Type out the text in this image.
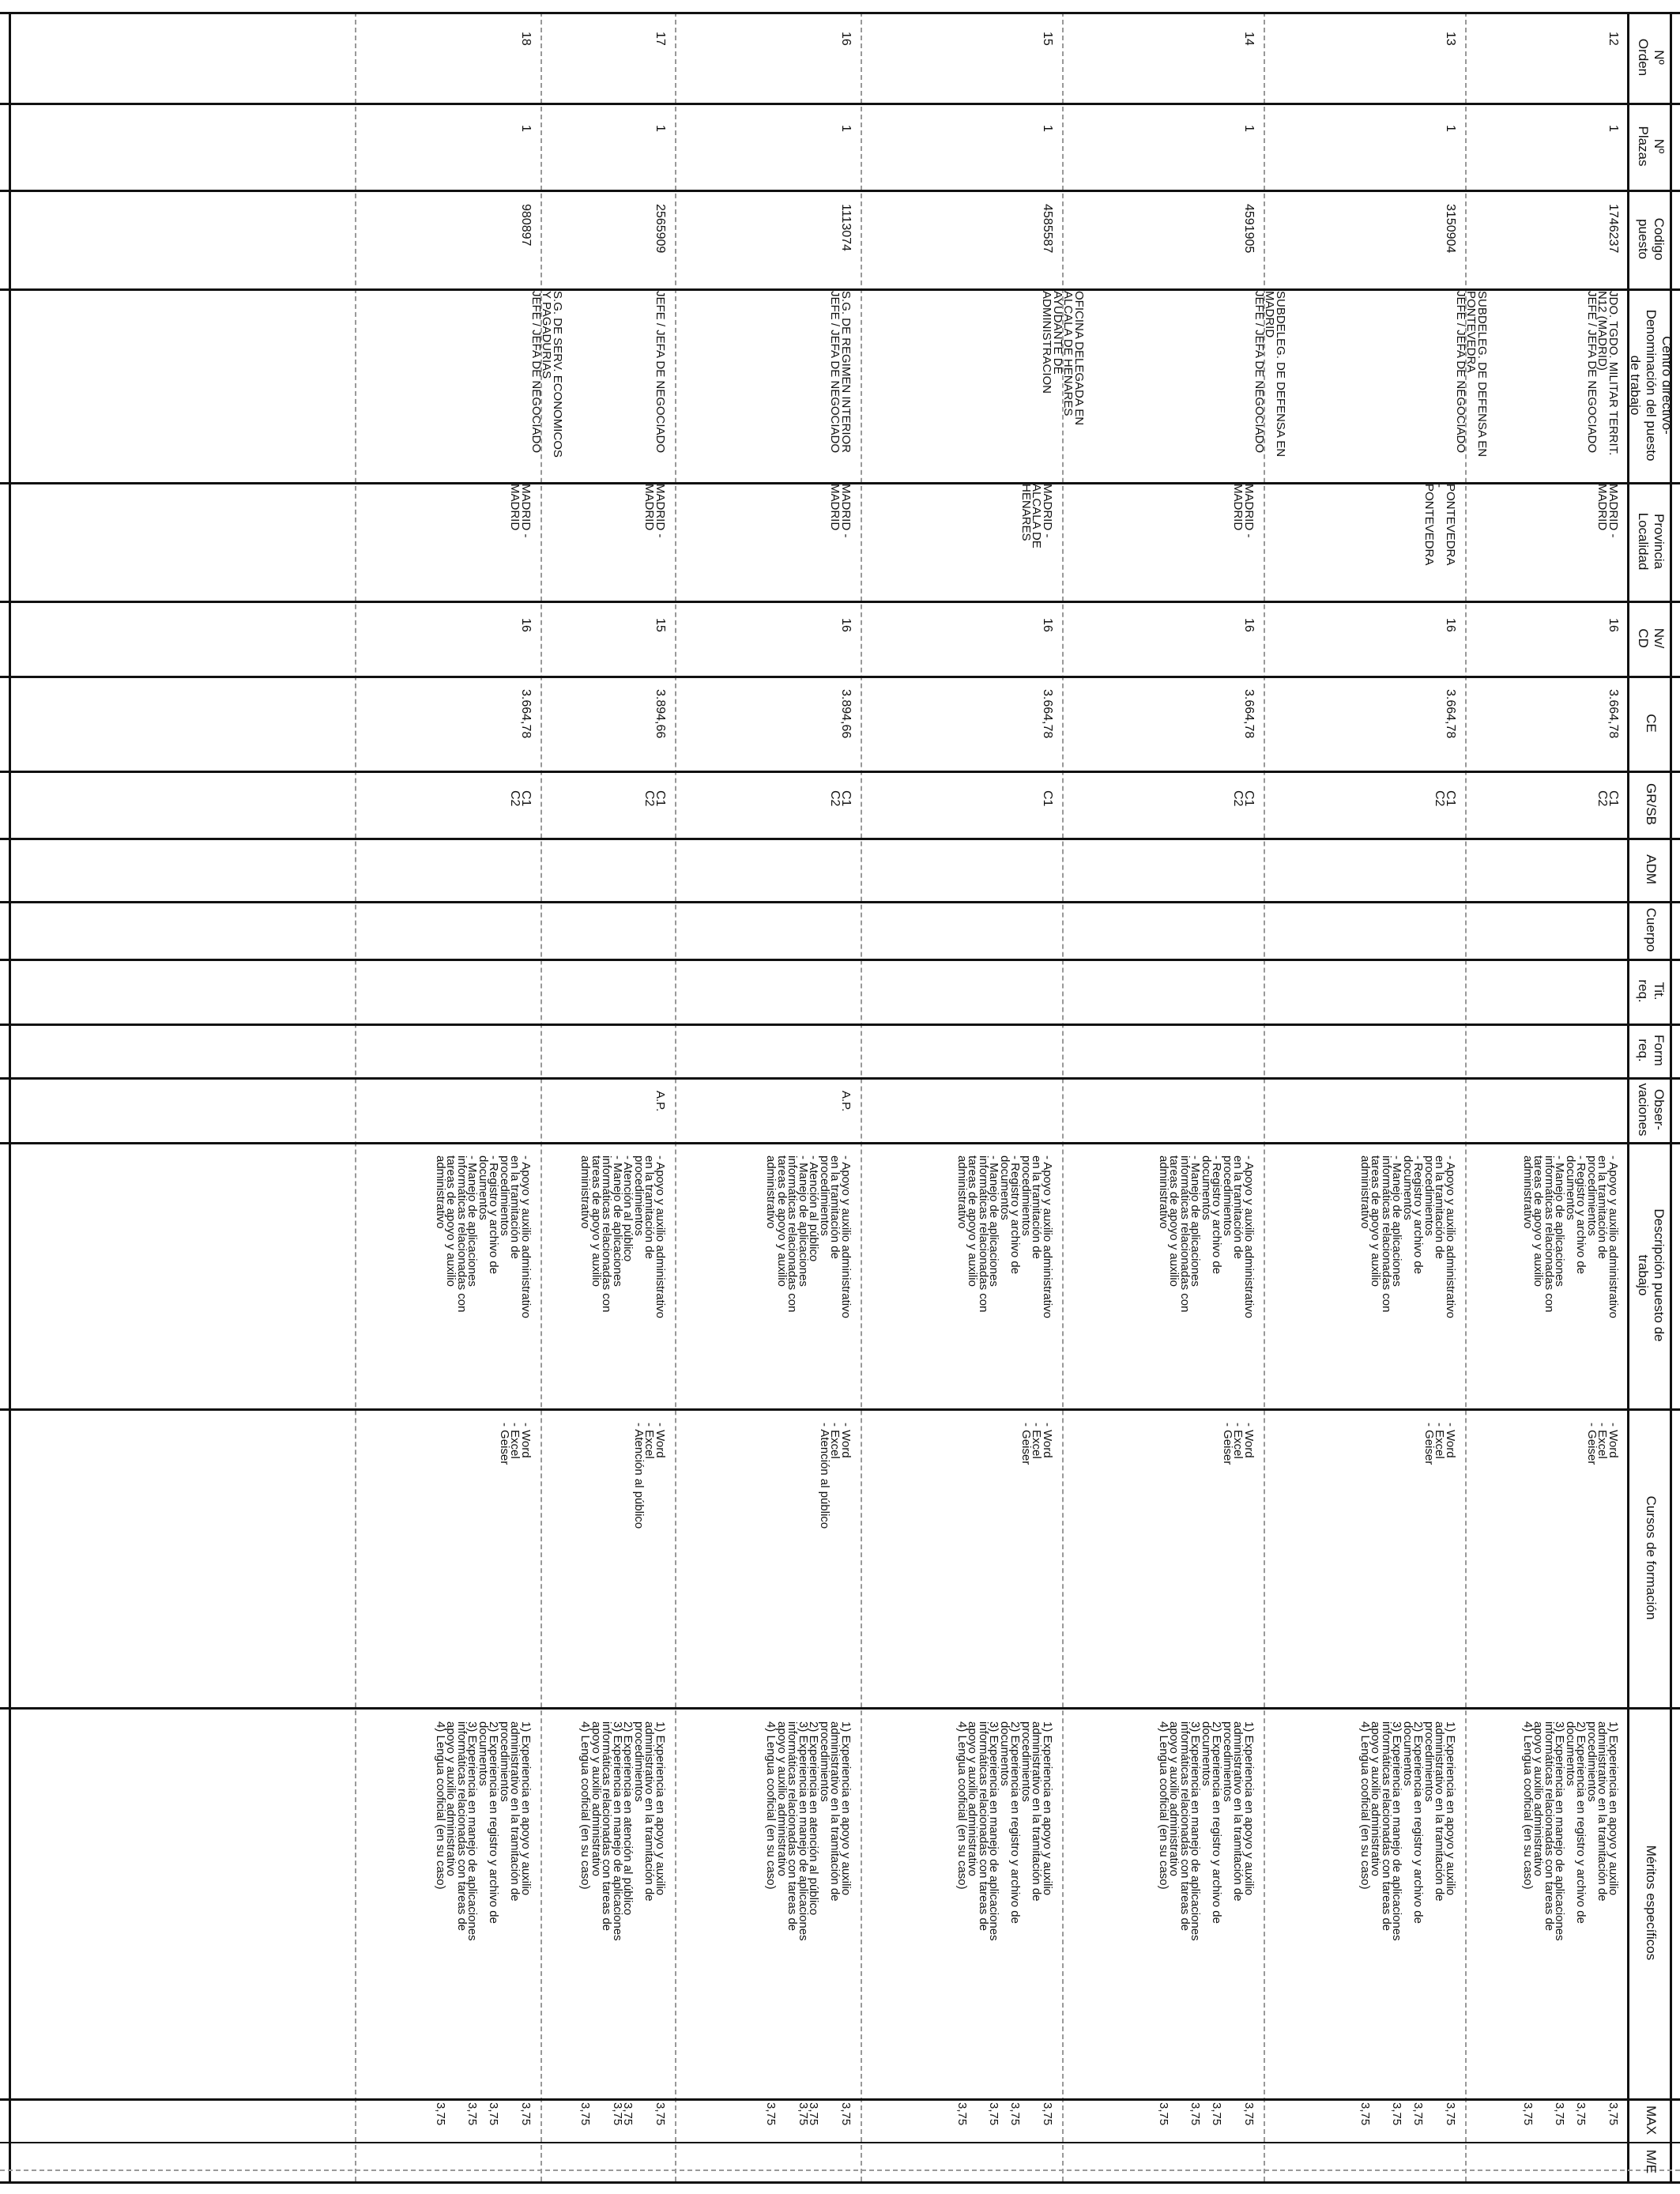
Nº
Orden
Nº
Plazas
Codigo
puesto
Centro directivo-
Denominación del puesto
de trabajo
Provincia
Localidad
Nv/
CD
CE
GR/SB
ADM
Cuerpo
Tit.
req.
Form
req.
Obser-
vaciones
Descripción puesto de
trabajo
Cursos de formación
Méritos específicos
MAX
M/E
12
1
1746237
JDO. TGDO. MILITAR TERRIT.
N12 (MADRID)
JEFE / JEFA DE NEGOCIADO
MADRID -
MADRID
16
3.664,78
C1
C2
- Apoyo y auxilio administrativo
en la tramitación de
procedimientos
- Registro y archivo de
documentos
- Manejo de aplicaciones
informáticas relacionadas con
tareas de apoyo y auxilio
administrativo
- Word
- Excel
- Geiser
1) Experiencia en apoyo y auxilio
administrativo en la tramitación de
procedimientos
2) Experiencia en registro y archivo de
documentos
3) Experiencia en manejo de aplicaciones
informáticas relacionadas con tareas de
apoyo y auxilio administrativo
4) Lengua cooficial (en su caso)
3,75

3,75

3,75

3,75
13
1
3150904
SUBDELEG. DE DEFENSA EN
PONTEVEDRA
JEFE / JEFA DE NEGOCIADO
PONTEVEDRA
-
PONTEVEDRA
16
3.664,78
C1
C2
- Apoyo y auxilio administrativo
en la tramitación de
procedimientos
- Registro y archivo de
documentos
- Manejo de aplicaciones
informáticas relacionadas con
tareas de apoyo y auxilio
administrativo
- Word
- Excel
- Geiser
1) Experiencia en apoyo y auxilio
administrativo en la tramitación de
procedimientos
2) Experiencia en registro y archivo de
documentos
3) Experiencia en manejo de aplicaciones
informáticas relacionadas con tareas de
apoyo y auxilio administrativo
4) Lengua cooficial (en su caso)
3,75

3,75

3,75

3,75
14
1
4591905
SUBDELEG. DE DEFENSA EN
MADRID
JEFE / JEFA DE NEGOCIADO
MADRID -
MADRID
16
3.664,78
C1
C2
- Apoyo y auxilio administrativo
en la tramitación de
procedimientos
- Registro y archivo de
documentos
- Manejo de aplicaciones
informáticas relacionadas con
tareas de apoyo y auxilio
administrativo
- Word
- Excel
- Geiser
1) Experiencia en apoyo y auxilio
administrativo en la tramitación de
procedimientos
2) Experiencia en registro y archivo de
documentos
3) Experiencia en manejo de aplicaciones
informáticas relacionadas con tareas de
apoyo y auxilio administrativo
4) Lengua cooficial (en su caso)
3,75

3,75

3,75

3,75
15
1
4585587
OFICINA DELEGADA EN
ALCALA DE HENARES
AYUDANTE DE
ADMINISTRACION
MADRID -
ALCALA DE
HENARES
16
3.664,78
C1
- Apoyo y auxilio administrativo
en la tramitación de
procedimientos
- Registro y archivo de
documentos
- Manejo de aplicaciones
informáticas relacionadas con
tareas de apoyo y auxilio
administrativo
- Word
- Excel
- Geiser
1) Experiencia en apoyo y auxilio
administrativo en la tramitación de
procedimientos
2) Experiencia en registro y archivo de
documentos
3) Experiencia en manejo de aplicaciones
informáticas relacionadas con tareas de
apoyo y auxilio administrativo
4) Lengua cooficial (en su caso)
3,75

3,75

3,75

3,75
16
1
1113074
S.G. DE REGIMEN INTERIOR
JEFE / JEFA DE NEGOCIADO
MADRID -
MADRID
16
3.894,66
C1
C2
A.P.
- Apoyo y auxilio administrativo
en la tramitación de
procedimientos
- Atención al público
- Manejo de aplicaciones
informáticas relacionadas con
tareas de apoyo y auxilio
administrativo
- Word
- Excel
- Atención al público
1) Experiencia en apoyo y auxilio
administrativo en la tramitación de
procedimientos
2) Experiencia en atención al público
3) Experiencia en manejo de aplicaciones
informáticas relacionadas con tareas de
apoyo y auxilio administrativo
4) Lengua cooficial (en su caso)
3,75

3,75
3,75

3,75
17
1
2565909
JEFE / JEFA DE NEGOCIADO
MADRID -
MADRID
15
3.894,66
C1
C2
A.P.
- Apoyo y auxilio administrativo
en la tramitación de
procedimientos
- Atención al público
- Manejo de aplicaciones
informáticas relacionadas con
tareas de apoyo y auxilio
administrativo
- Word
- Excel
- Atención al público
1) Experiencia en apoyo y auxilio
administrativo en la tramitación de
procedimientos
2) Experiencia en atención al público
3) Experiencia en manejo de aplicaciones
informáticas relacionadas con tareas de
apoyo y auxilio administrativo
4) Lengua cooficial (en su caso)
3,75

3,75
3,75

3,75
18
1
980897
S.G. DE SERV. ECONOMICOS
Y PAGADURIAS
JEFE / JEFA DE NEGOCIADO
MADRID -
MADRID
16
3.664,78
C1
C2
- Apoyo y auxilio administrativo
en la tramitación de
procedimientos
- Registro y archivo de
documentos
- Manejo de aplicaciones
informáticas relacionadas con
tareas de apoyo y auxilio
administrativo
- Word
- Excel
- Geiser
1) Experiencia en apoyo y auxilio
administrativo en la tramitación de
procedimientos
2) Experiencia en registro y archivo de
documentos
3) Experiencia en manejo de aplicaciones
informáticas relacionadas con tareas de
apoyo y auxilio administrativo
4) Lengua cooficial (en su caso)
3,75

3,75

3,75

3,75
